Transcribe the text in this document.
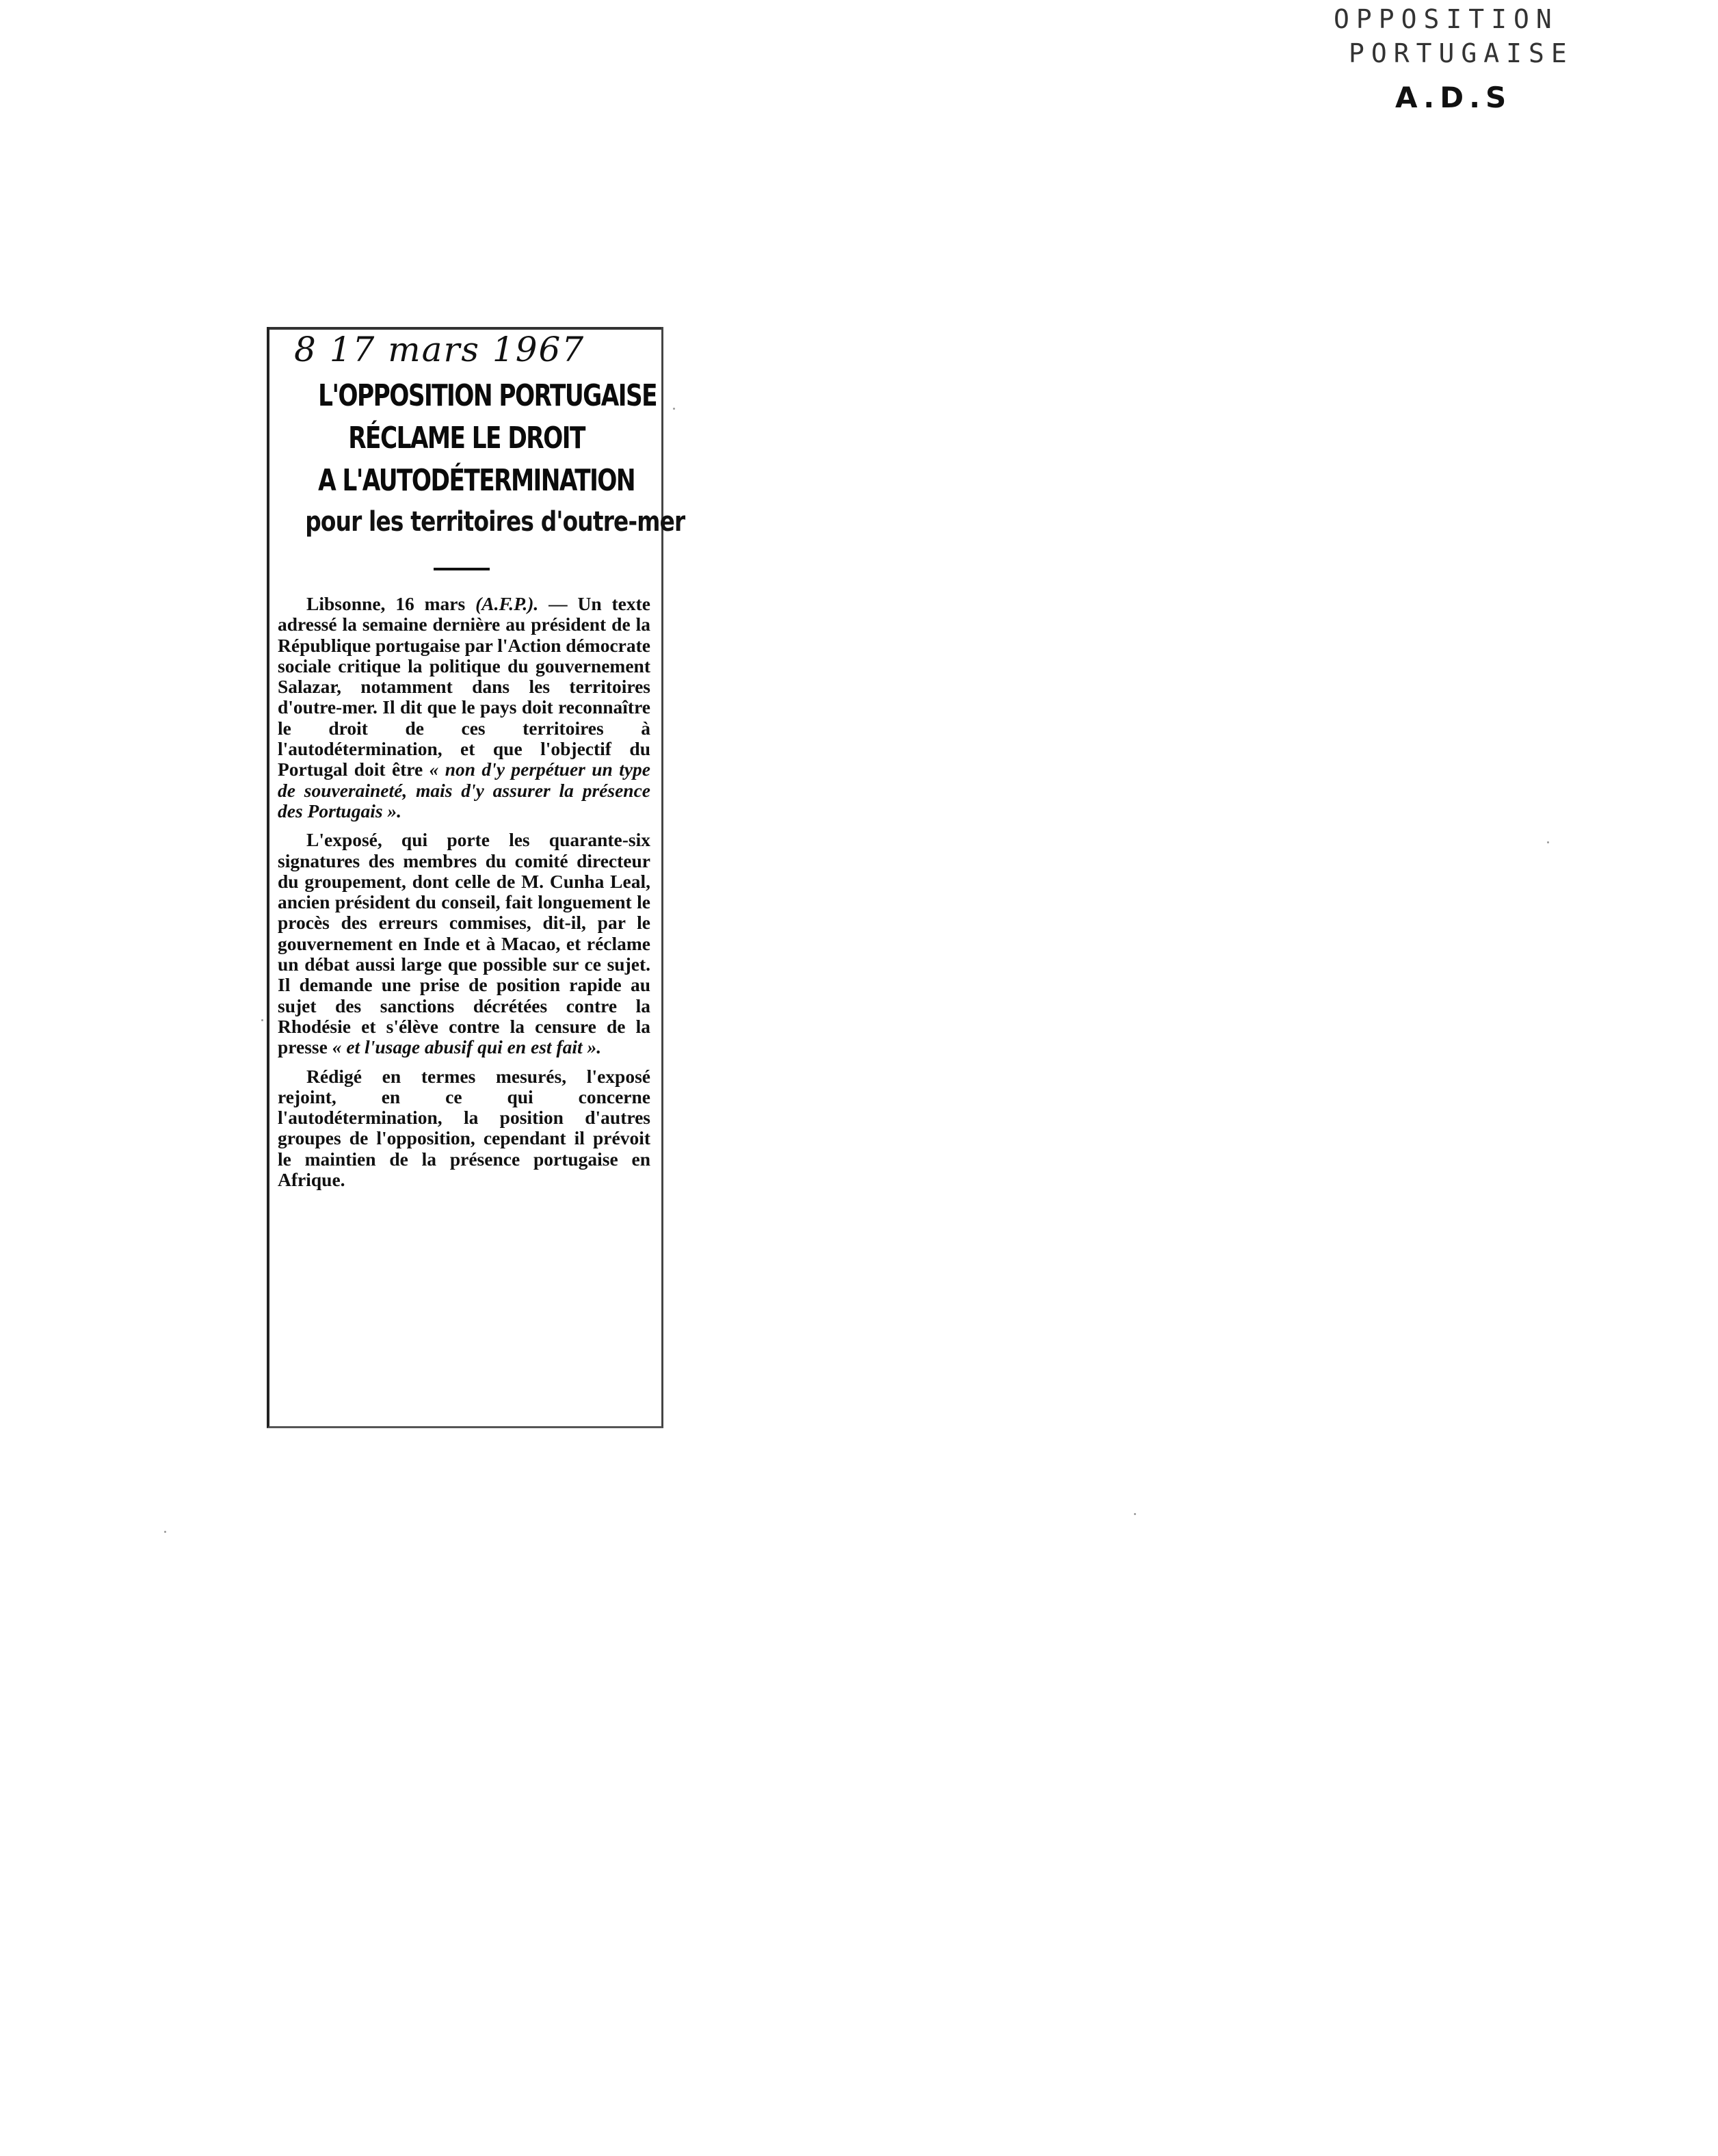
OPPOSITION
PORTUGAISE
A.D.S
8 17 mars 1967
L'OPPOSITION PORTUGAISE
RÉCLAME LE DROIT
A L'AUTODÉTERMINATION
pour les territoires d'outre-mer

Libsonne, 16 mars (A.F.P.). — Un texte adressé la semaine dernière au président de la République portugaise par l'Action démocrate sociale critique la politique du gouvernement Salazar, notamment dans les territoires d'outre-mer. Il dit que le pays doit reconnaître le droit de ces territoires à l'autodétermination, et que l'objectif du Portugal doit être « non d'y perpétuer un type de souveraineté, mais d'y assurer la présence des Portugais ».

L'exposé, qui porte les quarante-six signatures des membres du comité directeur du groupement, dont celle de M. Cunha Leal, ancien président du conseil, fait longuement le procès des erreurs commises, dit-il, par le gouvernement en Inde et à Macao, et réclame un débat aussi large que possible sur ce sujet. Il demande une prise de position rapide au sujet des sanctions décrétées contre la Rhodésie et s'élève contre la censure de la presse « et l'usage abusif qui en est fait ».

Rédigé en termes mesurés, l'exposé rejoint, en ce qui concerne l'autodétermination, la position d'autres groupes de l'opposition, cependant il prévoit le maintien de la présence portugaise en Afrique.
